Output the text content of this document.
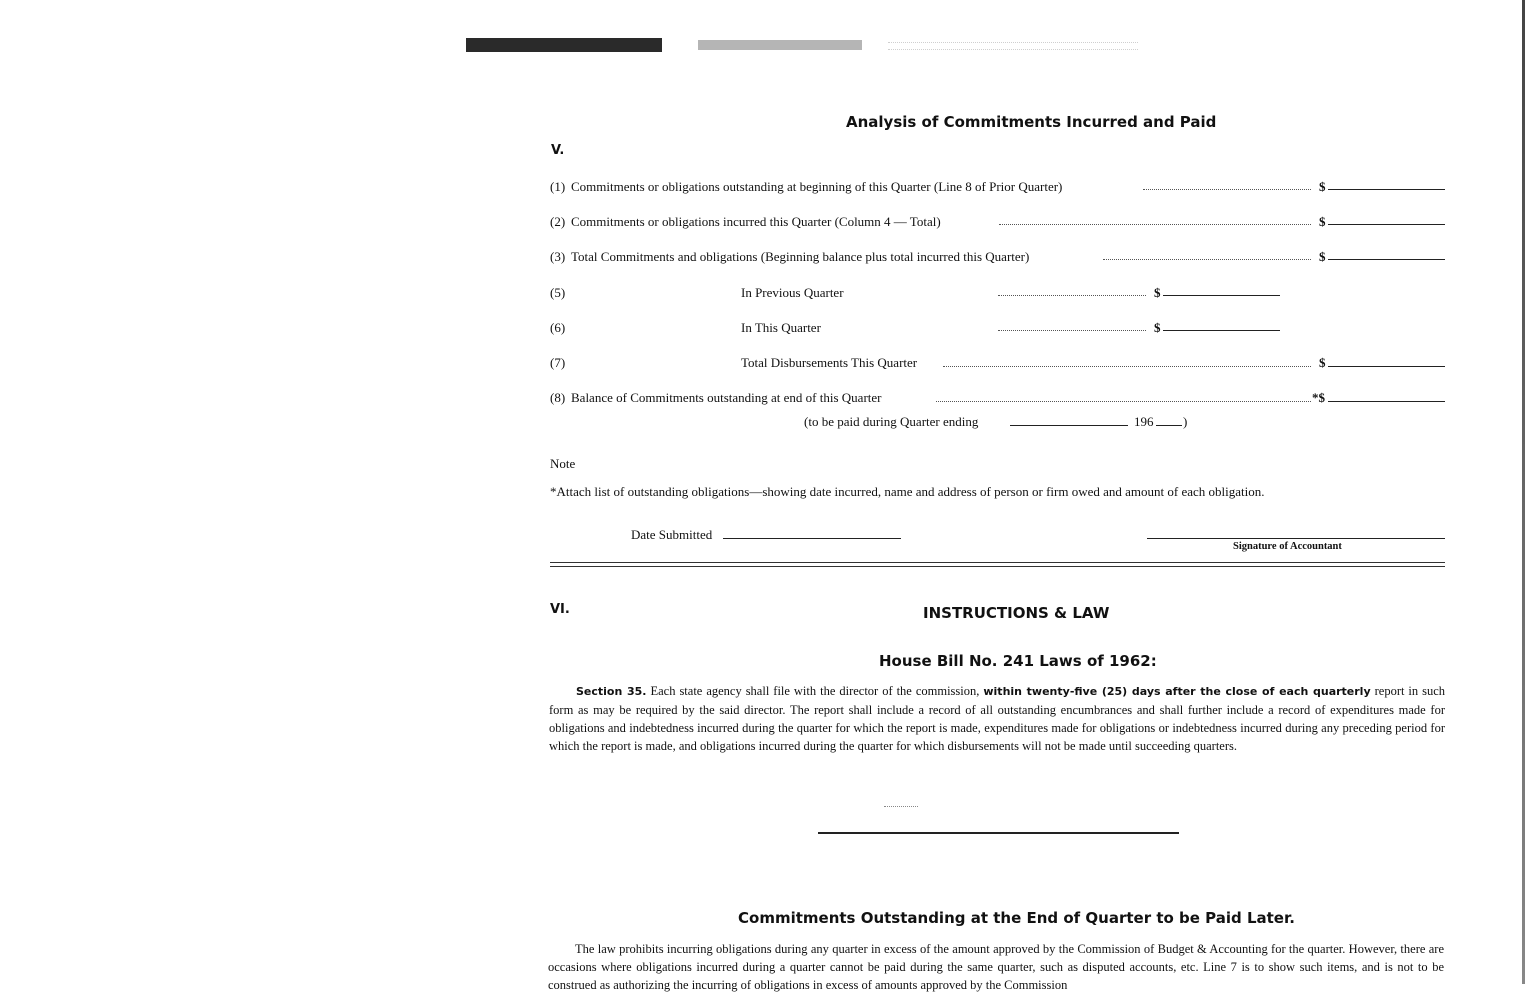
Analysis of Commitments Incurred and Paid
V.
(1) Commitments or obligations outstanding at beginning of this Quarter (Line 8 of Prior Quarter)	$
(2) Commitments or obligations incurred this Quarter (Column 4 — Total)	$
(3) Total Commitments and obligations (Beginning balance plus total incurred this Quarter)	$
(5)	In Previous Quarter	$
(6)	In This Quarter	$
(7)	Total Disbursements This Quarter	$
(8) Balance of Commitments outstanding at end of this Quarter	*$
(to be paid during Quarter ending	196 )
Note
*Attach list of outstanding obligations—showing date incurred, name and address of person or firm owed and amount of each obligation.
Date Submitted
Signature of Accountant
VI.	INSTRUCTIONS & LAW
House Bill No. 241 Laws of 1962:
Section 35. Each state agency shall file with the director of the commission, within twenty-five (25) days after the close of each quarterly report in such form as may be required by the said director. The report shall include a record of all outstanding encumbrances and shall further include a record of expenditures made for obligations and indebtedness incurred during the quarter for which the report is made, expenditures made for obligations or indebtedness incurred during any preceding period for which the report is made, and obligations incurred during the quarter for which disbursements will not be made until succeeding quarters.
Commitments Outstanding at the End of Quarter to be Paid Later.
The law prohibits incurring obligations during any quarter in excess of the amount approved by the Commission of Budget & Accounting for the quarter. However, there are occasions where obligations incurred during a quarter cannot be paid during the same quarter, such as disputed accounts, etc. Line 7 is to show such items, and is not to be construed as authorizing the incurring of obligations in excess of amounts approved by the Commission
